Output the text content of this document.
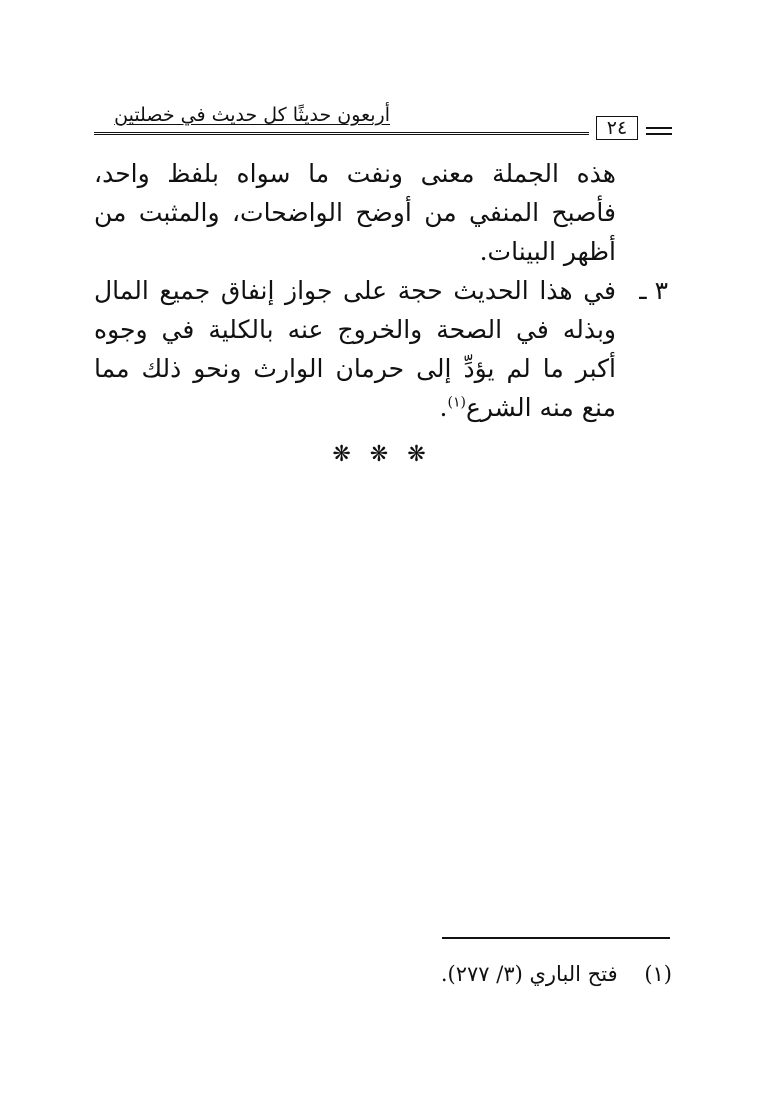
أربعون حديثًا كل حديث في خصلتين
٢٤

هذه الجملة معنى ونفت ما سواه بلفظ واحد، فأصبح المنفي من أوضح الواضحات، والمثبت من أظهر البينات.

٣ ـ
في هذا الحديث حجة على جواز إنفاق جميع المال وبذله في الصحة والخروج عنه بالكلية في وجوه أكبر ما لم يؤدِّ إلى حرمان الوارث ونحو ذلك مما منع منه الشرع$^{(١)}$.

❋ ❋ ❋
(١) فتح الباري (٣/ ٢٧٧).
